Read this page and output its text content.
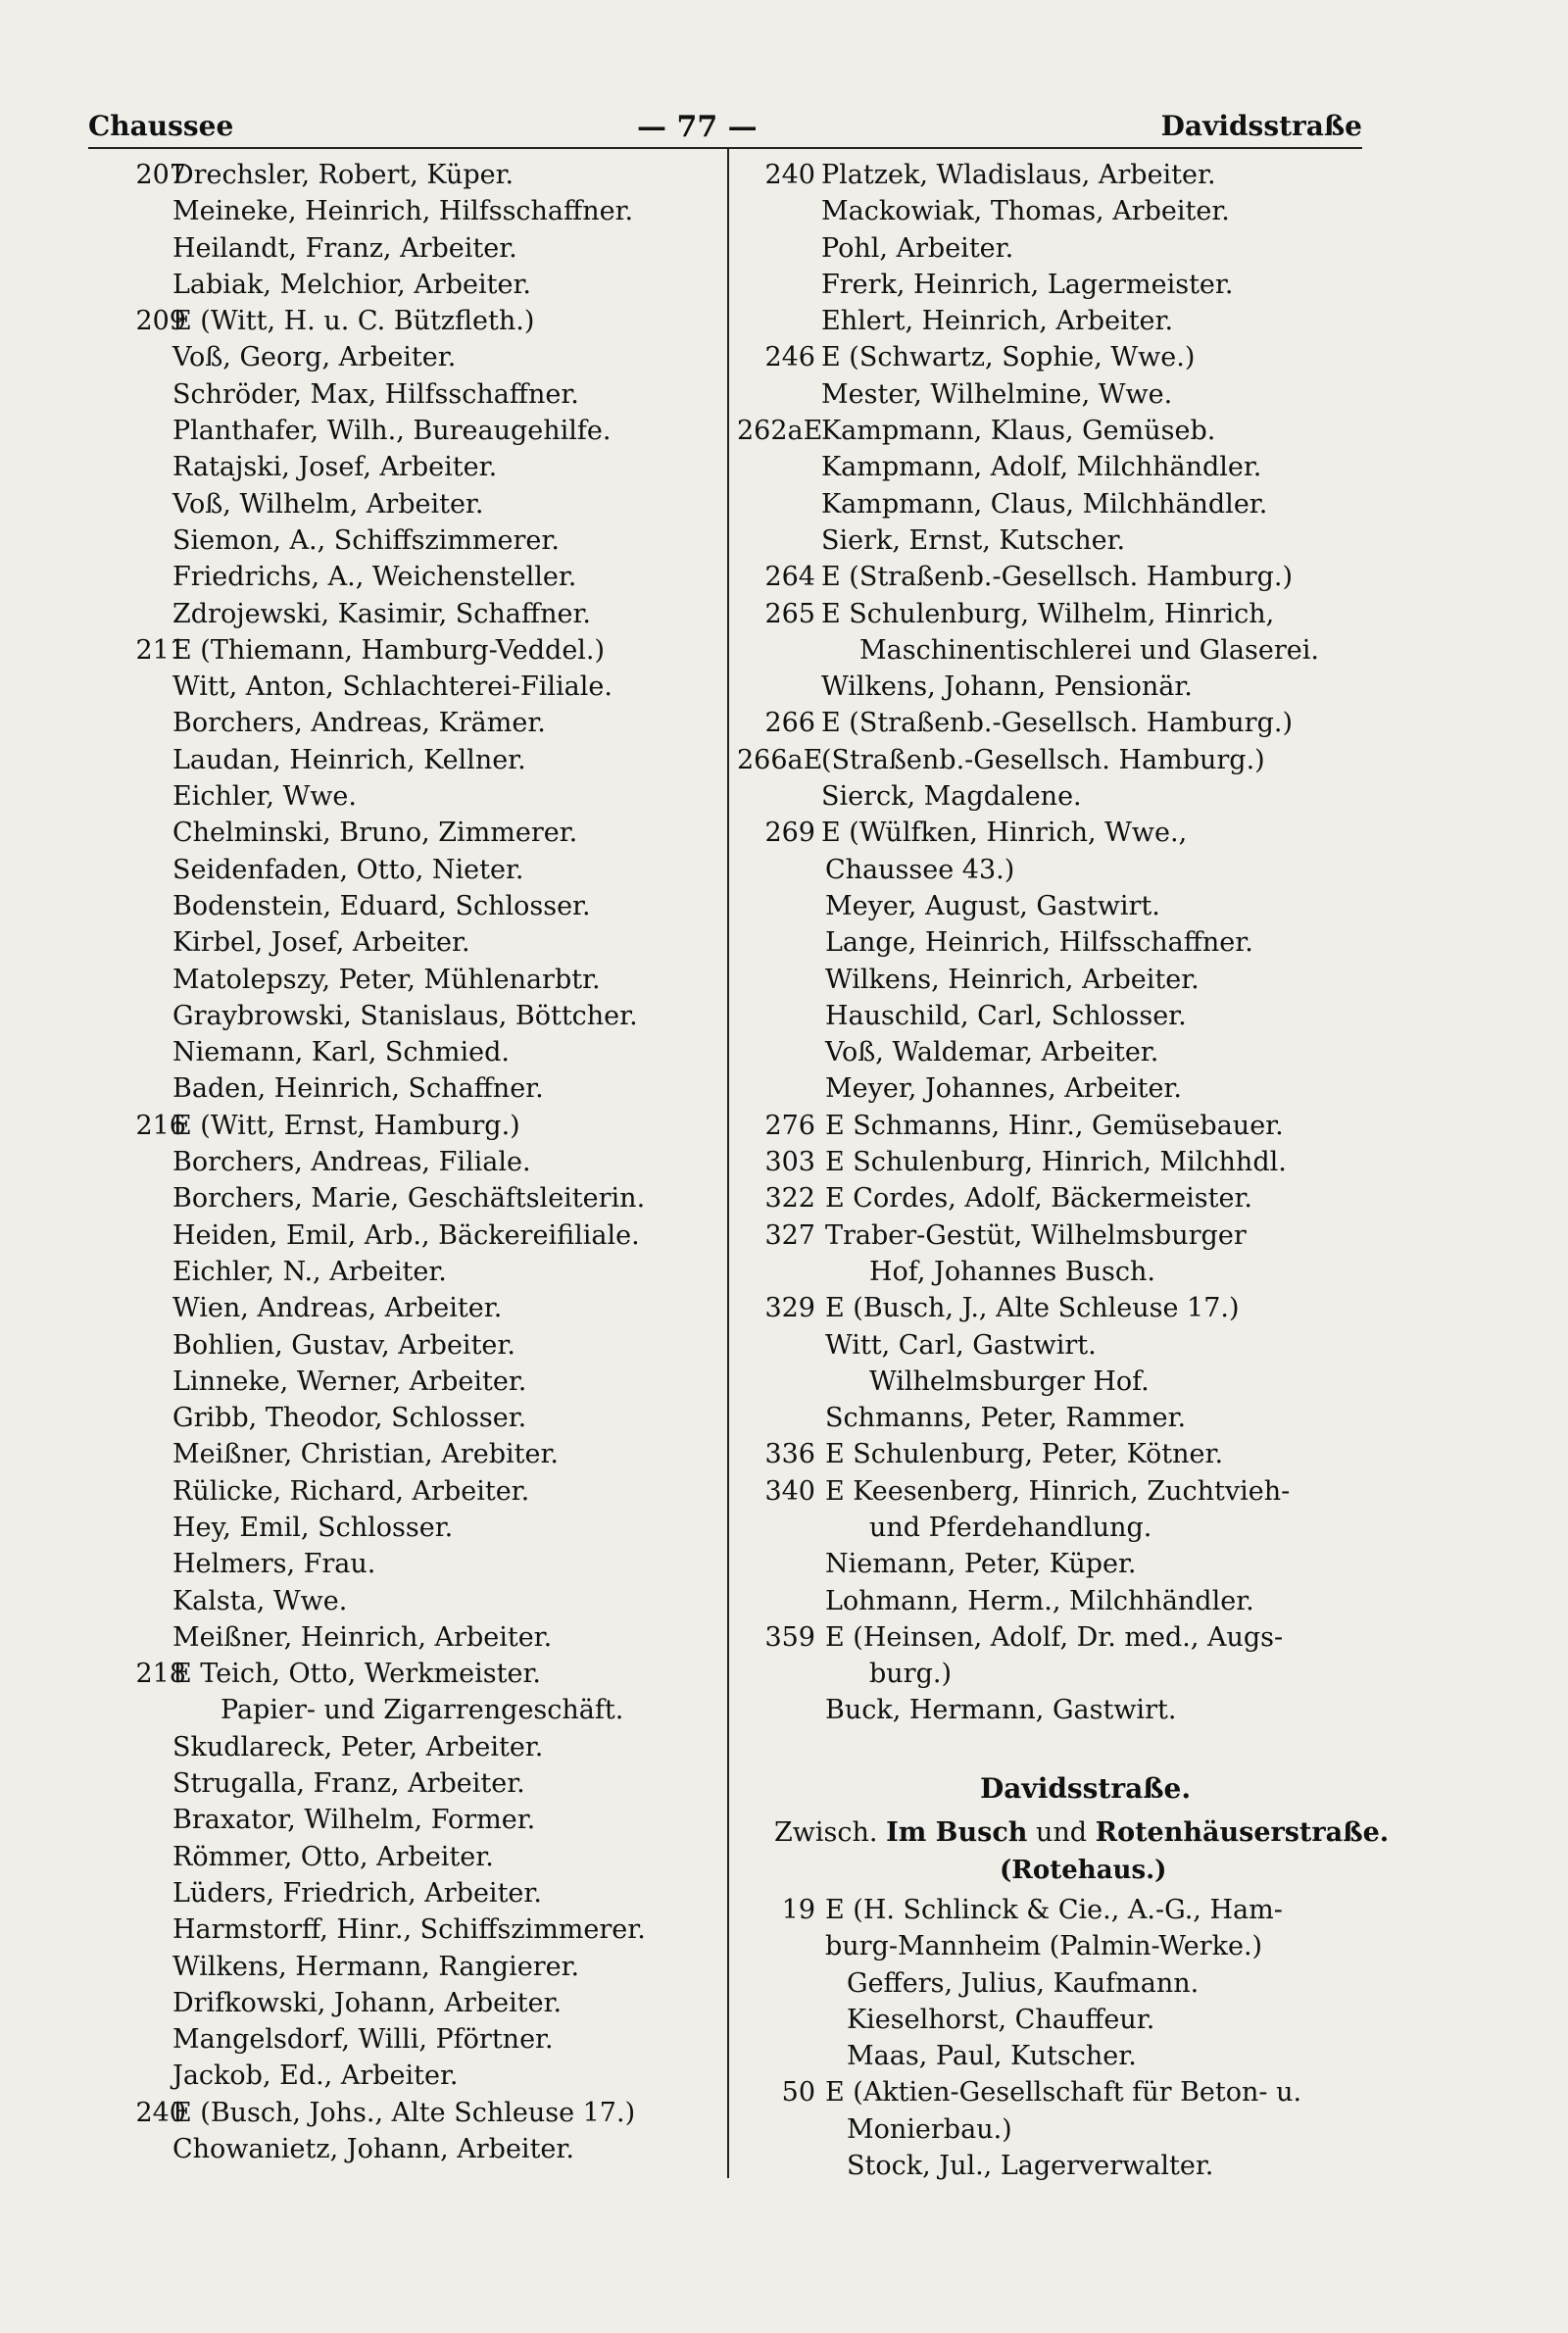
Chaussee	— 77 —	Davidsstraße
207
Drechsler, Robert, Küper.
Meineke, Heinrich, Hilfsschaffner.
Heilandt, Franz, Arbeiter.
Labiak, Melchior, Arbeiter.
209
E (Witt, H. u. C. Bützfleth.)
Voß, Georg, Arbeiter.
Schröder, Max, Hilfsschaffner.
Planthafer, Wilh., Bureaugehilfe.
Ratajski, Josef, Arbeiter.
Voß, Wilhelm, Arbeiter.
Siemon, A., Schiffszimmerer.
Friedrichs, A., Weichensteller.
Zdrojewski, Kasimir, Schaffner.
211
E (Thiemann, Hamburg-Veddel.)
Witt, Anton, Schlachterei-Filiale.
Borchers, Andreas, Krämer.
Laudan, Heinrich, Kellner.
Eichler, Wwe.
Chelminski, Bruno, Zimmerer.
Seidenfaden, Otto, Nieter.
Bodenstein, Eduard, Schlosser.
Kirbel, Josef, Arbeiter.
Matolepszy, Peter, Mühlenarbtr.
Graybrowski, Stanislaus, Böttcher.
Niemann, Karl, Schmied.
Baden, Heinrich, Schaffner.
216
E (Witt, Ernst, Hamburg.)
Borchers, Andreas, Filiale.
Borchers, Marie, Geschäftsleiterin.
Heiden, Emil, Arb., Bäckereifiliale.
Eichler, N., Arbeiter.
Wien, Andreas, Arbeiter.
Bohlien, Gustav, Arbeiter.
Linneke, Werner, Arbeiter.
Gribb, Theodor, Schlosser.
Meißner, Christian, Arebiter.
Rülicke, Richard, Arbeiter.
Hey, Emil, Schlosser.
Helmers, Frau.
Kalsta, Wwe.
Meißner, Heinrich, Arbeiter.
218
E Teich, Otto, Werkmeister.
Papier- und Zigarrengeschäft.
Skudlareck, Peter, Arbeiter.
Strugalla, Franz, Arbeiter.
Braxator, Wilhelm, Former.
Römmer, Otto, Arbeiter.
Lüders, Friedrich, Arbeiter.
Harmstorff, Hinr., Schiffszimmerer.
Wilkens, Hermann, Rangierer.
Drifkowski, Johann, Arbeiter.
Mangelsdorf, Willi, Pförtner.
Jackob, Ed., Arbeiter.
240
E (Busch, Johs., Alte Schleuse 17.)
Chowanietz, Johann, Arbeiter.
240 Platzek, Wladislaus, Arbeiter.
Mackowiak, Thomas, Arbeiter.
Pohl, Arbeiter.
Frerk, Heinrich, Lagermeister.
Ehlert, Heinrich, Arbeiter.
246 E (Schwartz, Sophie, Wwe.)
Mester, Wilhelmine, Wwe.
262aE
Kampmann, Klaus, Gemüseb.
Kampmann, Adolf, Milchhändler.
Kampmann, Claus, Milchhändler.
Sierk, Ernst, Kutscher.
264 E (Straßenb.-Gesellsch. Hamburg.)
265 E Schulenburg, Wilhelm, Hinrich,
Maschinentischlerei und Glaserei.
Wilkens, Johann, Pensionär.
266 E (Straßenb.-Gesellsch. Hamburg.)
266aE
(Straßenb.-Gesellsch. Hamburg.)
Sierck, Magdalene.
269 E (Wülfken, Hinrich, Wwe.,
Chaussee 43.)
Meyer, August, Gastwirt.
Lange, Heinrich, Hilfsschaffner.
Wilkens, Heinrich, Arbeiter.
Hauschild, Carl, Schlosser.
Voß, Waldemar, Arbeiter.
Meyer, Johannes, Arbeiter.
276 E Schmanns, Hinr., Gemüsebauer.
303 E Schulenburg, Hinrich, Milchhdl.
322 E Cordes, Adolf, Bäckermeister.
327 Traber-Gestüt, Wilhelmsburger
Hof, Johannes Busch.
329 E (Busch, J., Alte Schleuse 17.)
Witt, Carl, Gastwirt.
Wilhelmsburger Hof.
Schmanns, Peter, Rammer.
336 E Schulenburg, Peter, Kötner.
340 E Keesenberg, Hinrich, Zuchtvieh-
und Pferdehandlung.
Niemann, Peter, Küper.
Lohmann, Herm., Milchhändler.
359 E (Heinsen, Adolf, Dr. med., Augs-
burg.)
Buck, Hermann, Gastwirt.
Davidsstraße.
Zwisch. Im Busch und Rotenhäuserstraße.
(Rotehaus.)
19 E (H. Schlinck & Cie., A.-G., Ham-
burg-Mannheim (Palmin-Werke.)
Geffers, Julius, Kaufmann.
Kieselhorst, Chauffeur.
Maas, Paul, Kutscher.
50 E (Aktien-Gesellschaft für Beton- u.
Monierbau.)
Stock, Jul., Lagerverwalter.
